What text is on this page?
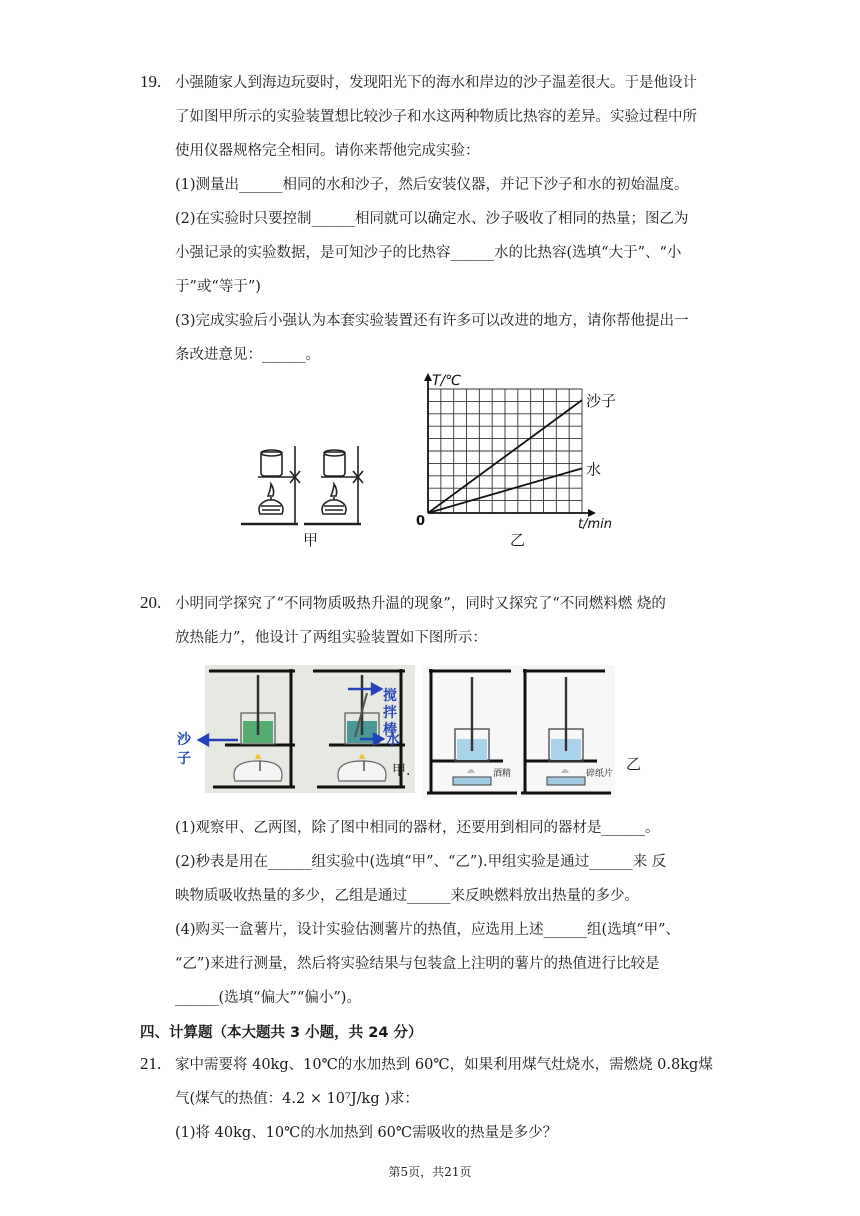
19. 小强随家人到海边玩耍时，发现阳光下的海水和岸边的沙子温差很大。于是他设计
了如图甲所示的实验装置想比较沙子和水这两种物质比热容的差异。实验过程中所
使用仪器规格完全相同。请你来帮他完成实验：
(1)测量出______相同的水和沙子，然后安装仪器，并记下沙子和水的初始温度。
(2)在实验时只要控制______相同就可以确定水、沙子吸收了相同的热量；图乙为
小强记录的实验数据，是可知沙子的比热容______水的比热容(选填“大于”、“小
于”或“等于”)
(3)完成实验后小强认为本套实验装置还有许多可以改进的地方，请你帮他提出一
条改进意见：______。
甲
T/℃
t/min
0
沙子
水
乙
20. 小明同学探究了“不同物质吸热升温的现象”，同时又探究了“不同燃料燃 烧的
放热能力”，他设计了两组实验装置如下图所示：
沙子
搅拌棒
水
甲.	酒精	碎纸片
乙
(1)观察甲、乙两图，除了图中相同的器材，还要用到相同的器材是______。
(2)秒表是用在______组实验中(选填“甲”、“乙”).甲组实验是通过______来 反
映物质吸收热量的多少，乙组是通过______来反映燃料放出热量的多少。
(4)购买一盒薯片，设计实验估测薯片的热值，应选用上述______组(选填“甲”、
“乙”)来进行测量，然后将实验结果与包装盒上注明的薯片的热值进行比较是
______(选填“偏大”“偏小”)。
四、计算题（本大题共 3 小题，共 24 分）
21. 家中需要将 40kg、10℃的水加热到 60℃，如果利用煤气灶烧水，需燃烧 0.8kg煤
气(煤气的热值：4.2 × 10⁷J/kg )求：
(1)将 40kg、10℃的水加热到 60℃需吸收的热量是多少？
第5页，共21页
